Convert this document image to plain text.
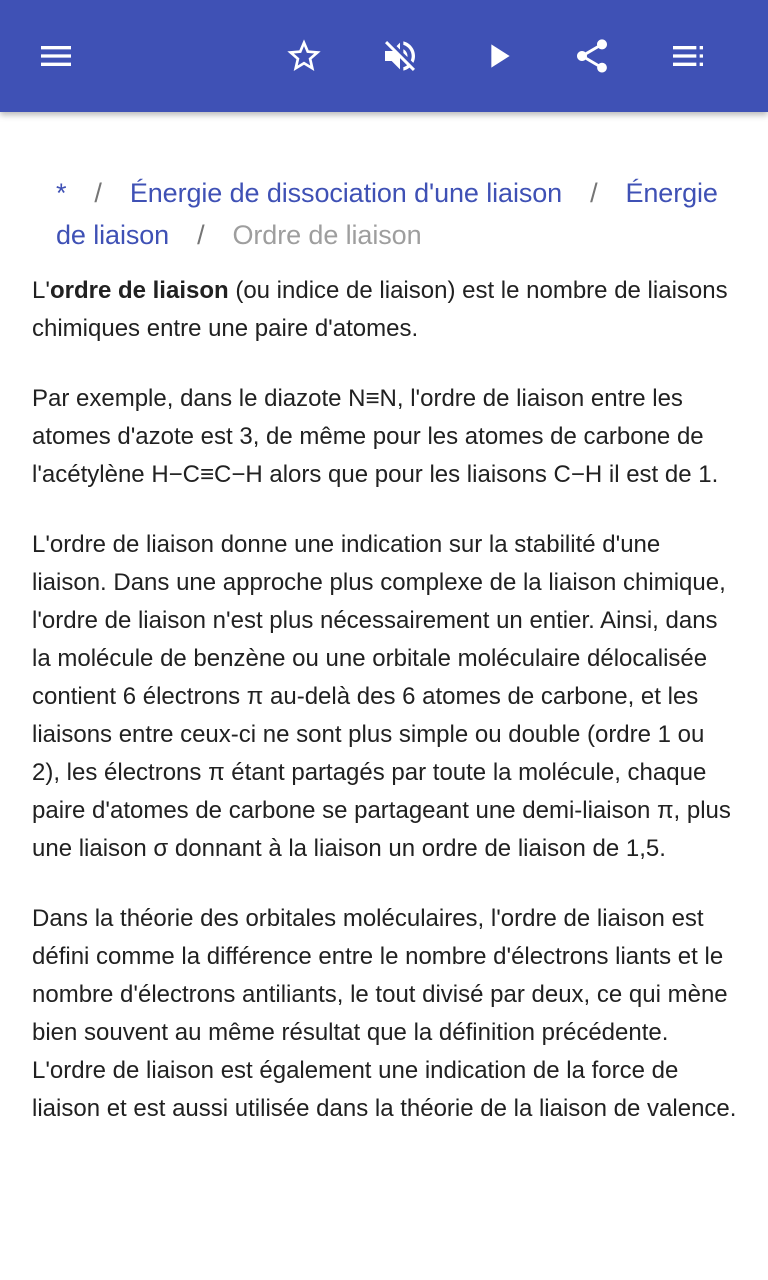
* / Énergie de dissociation d'une liaison / Énergie de liaison / Ordre de liaison

L'ordre de liaison (ou indice de liaison) est le nombre de liaisons chimiques entre une paire d'atomes.

Par exemple, dans le diazote N≡N, l'ordre de liaison entre les atomes d'azote est 3, de même pour les atomes de carbone de l'acétylène H−C≡C−H alors que pour les liaisons C−H il est de 1.

L'ordre de liaison donne une indication sur la stabilité d'une liaison. Dans une approche plus complexe de la liaison chimique, l'ordre de liaison n'est plus nécessairement un entier. Ainsi, dans la molécule de benzène ou une orbitale moléculaire délocalisée contient 6 électrons π au-delà des 6 atomes de carbone, et les liaisons entre ceux-ci ne sont plus simple ou double (ordre 1 ou 2), les électrons π étant partagés par toute la molécule, chaque paire d'atomes de carbone se partageant une demi-liaison π, plus une liaison σ donnant à la liaison un ordre de liaison de 1,5.

Dans la théorie des orbitales moléculaires, l'ordre de liaison est défini comme la différence entre le nombre d'électrons liants et le nombre d'électrons antiliants, le tout divisé par deux, ce qui mène bien souvent au même résultat que la définition précédente. L'ordre de liaison est également une indication de la force de liaison et est aussi utilisée dans la théorie de la liaison de valence.
